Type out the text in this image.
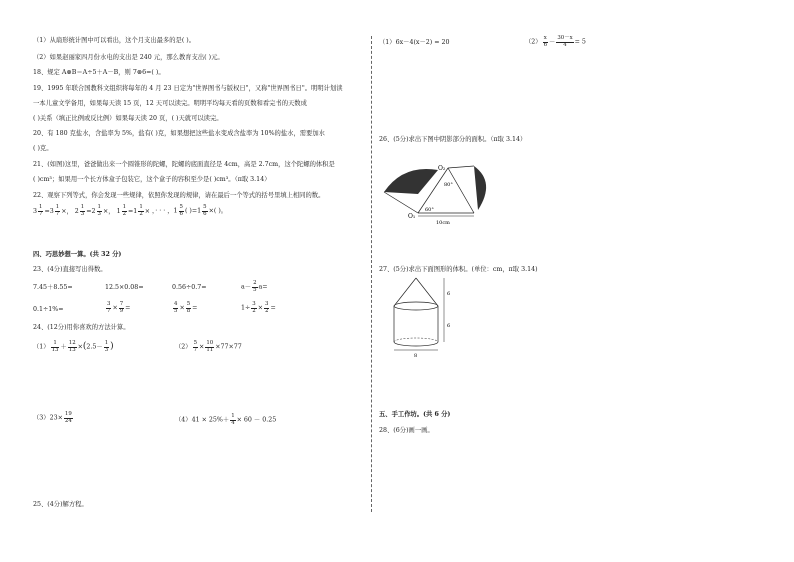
（1）从扇形统计图中可以看出，这个月支出最多的是( )。
（2）如果赵丽家四月份水电的支出是 240 元，那么教育支出( )元。
18、规定 A⊗B＝A÷5＋A－B，则 7⊗6=( )。
19、1995 年联合国教科文组织将每年的 4 月 23 日定为"世界图书与版权日"，又称"世界图书日"。明明计划读
一本儿童文学备用，如果每天读 15 页，12 天可以读完。明明平均每天看的页数和看完书的天数成
( )关系（填正比例或反比例）如果每天读 20 页，( )天就可以读完。
20、有 180 克盐水，含盐率为 5%，盐有( )克，如果想把这些盐水变成含盐率为 10%的盐水，需要加水
( )克。
21、(如图)这里，爸爸做出来一个圆锥形的陀螺，陀螺的底面直径是 4cm，高是 2.7cm，这个陀螺的体积是
( )cm³；如果用一个长方体盒子包装它，这个盒子的容积至少是( )cm³。（π取 3.14）
22、观察下列等式，你会发现一些规律，依照你发现的规律，请在最后一个等式的括号里填上相同的数。
$3 \frac{1}{7} =3 \frac{1}{7}$ ×， $2 \frac{1}{3} =2 \frac{1}{3}$ ×， $1 \frac{1}{2} =1 \frac{1}{2}$ × ，· · · ，$1 \frac{5}{6}$ ( )$=1 \frac{5}{6}$ ×( )。
四、巧思妙想一算。(共 32 分)
23、(4分)直接写出得数。
7.45＋8.55=	12.5×0.08=	0.56÷0.7=	$a- \frac{2}{5} a=$
0.1÷1%=	$\frac{3}{7} \times \frac{7}{9}$ =	$\frac{4}{5} \times \frac{5}{8}$ =	$1\div \frac{3}{2} \times \frac{3}{2}$ =
24、(12分)用你喜欢的方法计算。
$(1) \frac{1}{13} + \frac{12}{13} \times(2.5- \frac{1}{3}$ )	$(2) \frac{5}{7} \times \frac{10}{11} \times 77\times 77$
$(3)23\times \frac{19}{24}$	$(4)41 \times 25\%+ \frac{1}{4} \times 60 - 0.25$
25、(4分)解方程。
（1）6x－4(x－2) = 20	$(2) \frac{x}{6} - \frac{30-x}{4} = 5$
26、(5分)求出下图中阴影部分的面积。（π取 3.14）
O₁
O₂
60°
80°
10cm
27、(5分)求出下面图形的体积。(单位：cm，π取 3.14)
6
6
8
五、手工作坊。(共 6 分)
28、(6分)画一画。
